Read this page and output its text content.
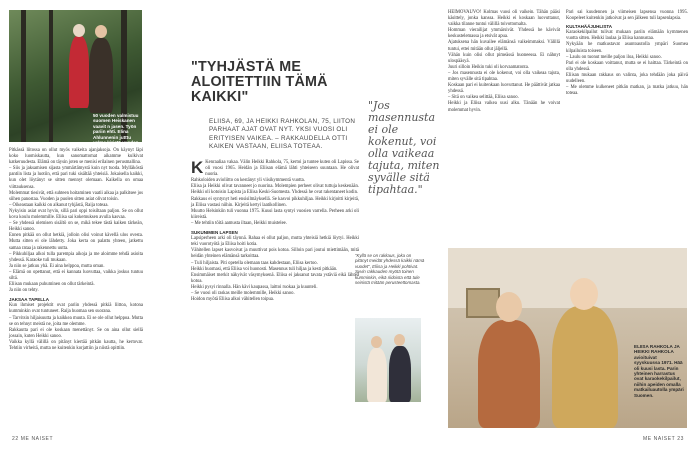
50 vuoden valmistuu suomen Heiskanen vaavit n jasen. Työn pariin ehti. Elina Ahlunnenin jutttu

Pitkässä liitossa on ollut myös vaikeita ajanjaksoja. On käynyt läpi koko luomiskautta, kun sanomattomat aikamme kulkivat katkeruudesta. Elämä on täysin joten se menisi erilainen perusmallina.

– Siis ja jaksamisen sijasta ymmärtämystä kuin nyt tuoda. Mylläköstä pantiin lista ja luotiin, että pari tuki sisältää yhteisiä. Jokaisella kaikki, kun olet löytänyt se sitten mennyt olemaan. Kaikella on omaa viittauksensa.

Molemmat tiesivät, että suhteen hoitaminen vaatii aikaa ja palkitsee jos siihen panostaa. Vuoden ja puolen sitten asiat olivat toisin.

– Oikeastaan kaikki on alkanut tyhjästä, Raija toteaa.

Nykyisin asiat ovat hyvin, sillä pari oppi toisiltaan paljon. Se on ollut kova koulu molemmille. Eliisa sai kokemuksen avulla kasvaa.

– Se yhdessä olemisen sisältö on se, mikä tekee tästä kaiken tärkeän, Heikki sanoo.

Ennen pitkää on ollut hetkiä, jolloin olisi voinut kävellä ulos ovesta. Mutta sitten ei ole lähdetty. Joka kerta on palattu yhteen, jatkettu samaa rataa ja rakennettu uutta.

– Pikkuhiljaa alkoi tulla parempia aikoja ja me aloimme tehdä asioita yhdessä. Karaoke tuli mukaan.

Ja niin se jatkuu yhä. Ei aina helppoa, mutta oman.

– Elämä on opettanut, että ei kannata luovuttaa, vaikka joskus tuntuu siltä.

Eliisan mukaan puhuminen on ollut tärkeintä.

Ja niin on tehty.

JAKSAA TAPELLA

Kun ihmiset projektit ovat pariin yhdessä pitkiä liittoa, kotona kumminkin ovat tuntuneet. Raija huomaa sen suorana.

– Tarvitsin hiljaisuutta ja kaikkea muuta. Ei se ole ollut helppoa. Mutta se on tehnyt meistä ne, joita me olemme.

Rakkautta pari ei ole koskaan menettänyt. Se on aina ollut siellä jossain, kuten Heikki sanoo.

Vaikka kyllä välillä on pitänyt kiertää pitkän kautta, he kertovat. Tehtiin virheitä, mutta ne kuitenkin korjattiin ja niistä opittiin.

"TYHJÄSTÄ ME ALOITETTIIN TÄMÄ KAIKKI"
ELIISA, 69, JA HEIKKI RAHKOLAN, 75, LIITON PARHAAT AJAT OVAT NYT. YKSI VUOSI OLI ERITYISEN VAIKEA. – RAKKAUDELLA OTTI KAIKEN VASTAAN, ELIISA TOTEAA.

K Kenraaliaa vakaa. Välin Heikki Rahkola, 75, kertoi ja tuntee kuten oli Lapissa. Se oli vuosi 1965. Heidän ja Eliisan elämä lähti yhteiseen suuntaan. He olivat nuoria.

Rahkoloiden avioliitto on kestänyt yli viisikymmentä vuotta.

Eliisa ja Heikki olivat tavanneet jo nuorina. Molempien perheet olivat tuttuja keskenään. Heikki oli kotoisin Lapista ja Eliisa Keski-Suomesta. Yhdessä he ovat rakentaneet kodin.

Rakkaus ei syntynyt heti ensisilmäyksellä. Se kasvoi pikkuhiljaa. Heikki kirjoitti kirjeitä, ja Eliisa vastasi niihin. Kirjeitä kertyi laatikollinen.

Muutto Helsinkiin tuli vuonna 1975. Kuusi lasta syntyi vuosien varrella. Perheen arki oli kiireistä.

– Me tehtiin töitä aamusta iltaan, Heikki muistelee.

SUKUNIMEN LAPSEN

Lapsiperheen arki oli täynnä. Rahaa ei ollut paljon, mutta yhteisiä hetkiä löytyi. Heikki teki vuorotyötä ja Eliisa hoiti kotia.

Vähitellen lapset kasvoivat ja muuttivat pois kotoa. Silloin pari joutui miettimään, mitä heidän yhteinen elämänsä tarkoittaa.

– Tuli hiljaista. Piti opetella olemaan taas kahdestaan, Eliisa kertoo.

Heikki huomasi, että Eliisa voi huonosti. Masennus tuli hiljaa ja kesti pitkään.

Ensimmäiset merkit näkyivät väsymyksenä. Eliisa ei jaksanut tavata ystäviä eikä lähteä kotoa.

Heikki pysyi rinnalla. Hän kävi kaupassa, laittoi ruokaa ja kuunteli.

– Se vuosi oli raskas meille molemmille, Heikki sanoo.

Hoidon myötä Eliisa alkoi vähitellen toipua.

"Jos masennusta ei ole kokenut, voi olla vaikeaa tajuta, miten syvälle sitä tipahtaa."

HEIMOVAUVO! Kolmas vuosi oli vaikein. Tähän pääsi käsittely, jonka kanssa. Heikki ei koskaan luovuttanut, vaikka tilanne tuntui välillä toivottomalta.

Homman vierailijat ymmärsivät. Yhdessä he kävivät keskustelemassa ja etsivät apua.

Ajatuksena hän kuvailee elämänsä vaikeimmaksi. Välillä tuntui, ettei mitään ollut jäljellä.

Vähän kuin olisi ollut pimeässä huoneessa. Ei nähnyt ulospääsyä.

Juuri silloin Heikin tuki oli korvaamatonta.

– Jos masennusta ei ole kokenut, voi olla vaikeaa tajuta, miten syvälle sitä tipahtaa.

Koskaan pari ei kuitenkaan luovuttanut. He päättivät jatkaa yhdessä.

– Sitä on vaikea selittää, Eliisa sanoo.

Heikki ja Eliisa vaikea uusi alku. Tänään he voivat molemmat hyvin.

Pari sai kuudennen ja viimeisen lapsensa vuonna 1995. Koopeleet kuitenkin jatkoivat ja sen jälkeen tuli lapsenlapsia.

KULTAHÄÄJUHLISTA

Karaokekilpailut tulivat mukaan pariin elämään kymmenen vuotta sitten. Heikki laulaa ja Eliisa kannustaa.

Nykyään he matkustavat asuntoautolla ympäri Suomea kilpailuista toiseen.

– Laulu on tuonut meille paljon iloa, Heikki sanoo.

Pari ei ole koskaan voittanut, mutta se ei haittaa. Tärkeintä on olla yhdessä.

Eliisan mukaan rakkaus on valinta, joka tehdään joka päivä uudelleen.

– Me olemme kulkeneet pitkän matkan, ja matka jatkuu, hän toteaa.

"Kyllä se on rakkaus, joka on pitänyt meidät yhdessä kaikki nämä vuodet", Eliisa ja Heikki pohtivat. Syvin rakkauden myötä toinen kumminkin, eikä riidoista että tule seinistä mitään perusteettomasta.
ELIISA RAHKOLA JA HEIKKI RAHKOLA avioituivat syyskuussa 1971. Hää oli kuusi lasta. Parin yhteinen harrastus ovat karaokekilpailut, niihin apeiden omalla matkailuautolla ympäri Suomen.
22 ME NAISET	ME NAISET 23
